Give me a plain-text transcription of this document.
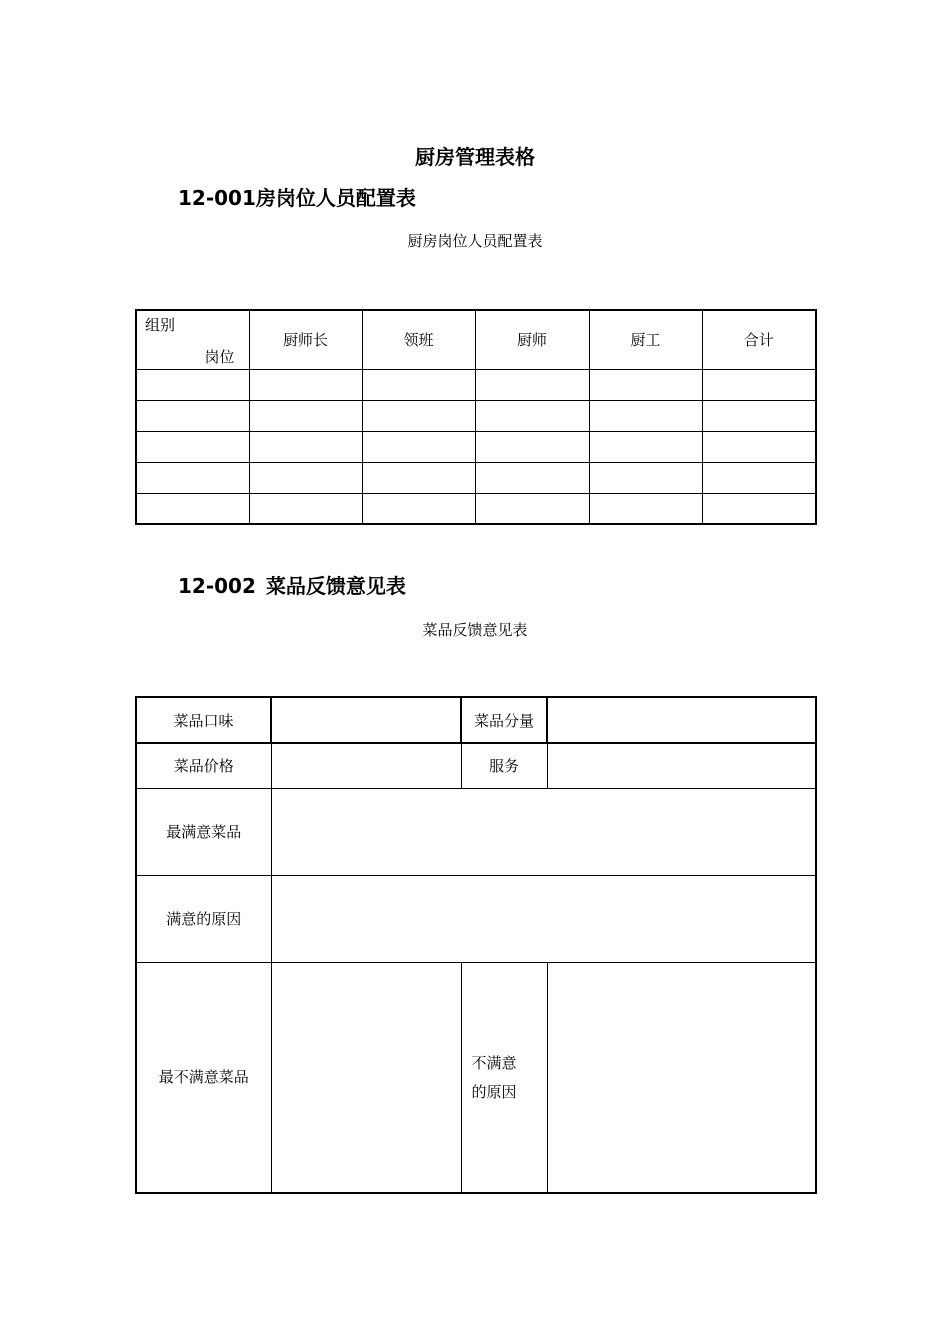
厨房管理表格
12-001房岗位人员配置表
厨房岗位人员配置表
岗位
组别	厨师长	领班	厨师	厨工	合计

12-002 菜品反馈意见表
菜品反馈意见表
菜品口味		菜品分量	
菜品价格		服务	
最满意菜品			
满意的原因			

最不满意菜品		不满意
的原因	
